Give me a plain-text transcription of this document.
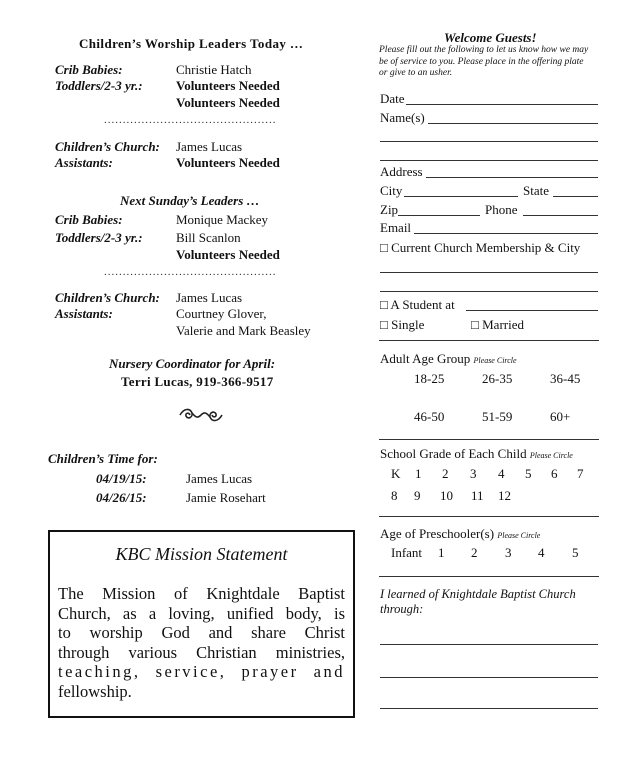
Children’s Worship Leaders Today …
Crib Babies:	Christie Hatch
Toddlers/2-3 yr.:	Volunteers Needed
Volunteers Needed
..............................................
Children’s Church: James Lucas
Assistants:	Volunteers Needed
Next Sunday’s Leaders …
Crib Babies:	Monique Mackey
Toddlers/2-3 yr.:	Bill Scanlon
Volunteers Needed
..............................................
Children’s Church: James Lucas
Assistants:	Courtney Glover,
Valerie and Mark Beasley
Nursery Coordinator for April:
Terri Lucas, 919-366-9517
Children’s Time for:
04/19/15:	James Lucas
04/26/15:	Jamie Rosehart
KBC Mission Statement
The Mission of Knightdale Baptist
Church, as a loving, unified body, is
to worship God and share Christ
through various Christian ministries,
teaching, service, prayer and
fellowship.
Welcome Guests!
Please fill out the following to let us know how we may
be of service to you. Please place in the offering plate
or give to an usher.
Date
Name(s)
Address
City	State
Zip	Phone
Email
□ Current Church Membership & City
□ A Student at
□ Single	□ Married
Adult Age Group Please Circle
18-25	26-35	36-45
46-50	51-59	60+
School Grade of Each Child Please Circle
K 1 2 3 4 5 6 7
8 9 10 11 12
Age of Preschooler(s) Please Circle
Infant 1 2 3 4 5
I learned of Knightdale Baptist Church
through:
